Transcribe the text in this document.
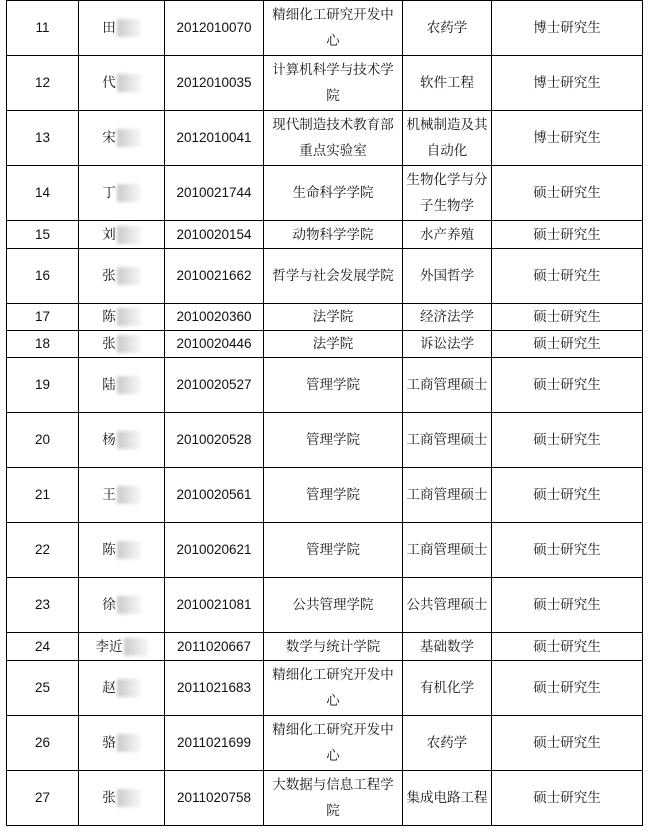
11	田	2012010070	精细化工研究开发中心	农药学	博士研究生
12	代	2012010035	计算机科学与技术学院	软件工程	博士研究生
13	宋	2012010041	现代制造技术教育部重点实验室	机械制造及其自动化	博士研究生
14	丁	2010021744	生命科学学院	生物化学与分子生物学	硕士研究生
15	刘	2010020154	动物科学学院	水产养殖	硕士研究生
16	张	2010021662	哲学与社会发展学院	外国哲学	硕士研究生
17	陈	2010020360	法学院	经济法学	硕士研究生
18	张	2010020446	法学院	诉讼法学	硕士研究生
19	陆	2010020527	管理学院	工商管理硕士	硕士研究生
20	杨	2010020528	管理学院	工商管理硕士	硕士研究生
21	王	2010020561	管理学院	工商管理硕士	硕士研究生
22	陈	2010020621	管理学院	工商管理硕士	硕士研究生
23	徐	2010021081	公共管理学院	公共管理硕士	硕士研究生
24	李近	2011020667	数学与统计学院	基础数学	硕士研究生
25	赵	2011021683	精细化工研究开发中心	有机化学	硕士研究生
26	骆	2011021699	精细化工研究开发中心	农药学	硕士研究生
27	张	2011020758	大数据与信息工程学院	集成电路工程	硕士研究生
